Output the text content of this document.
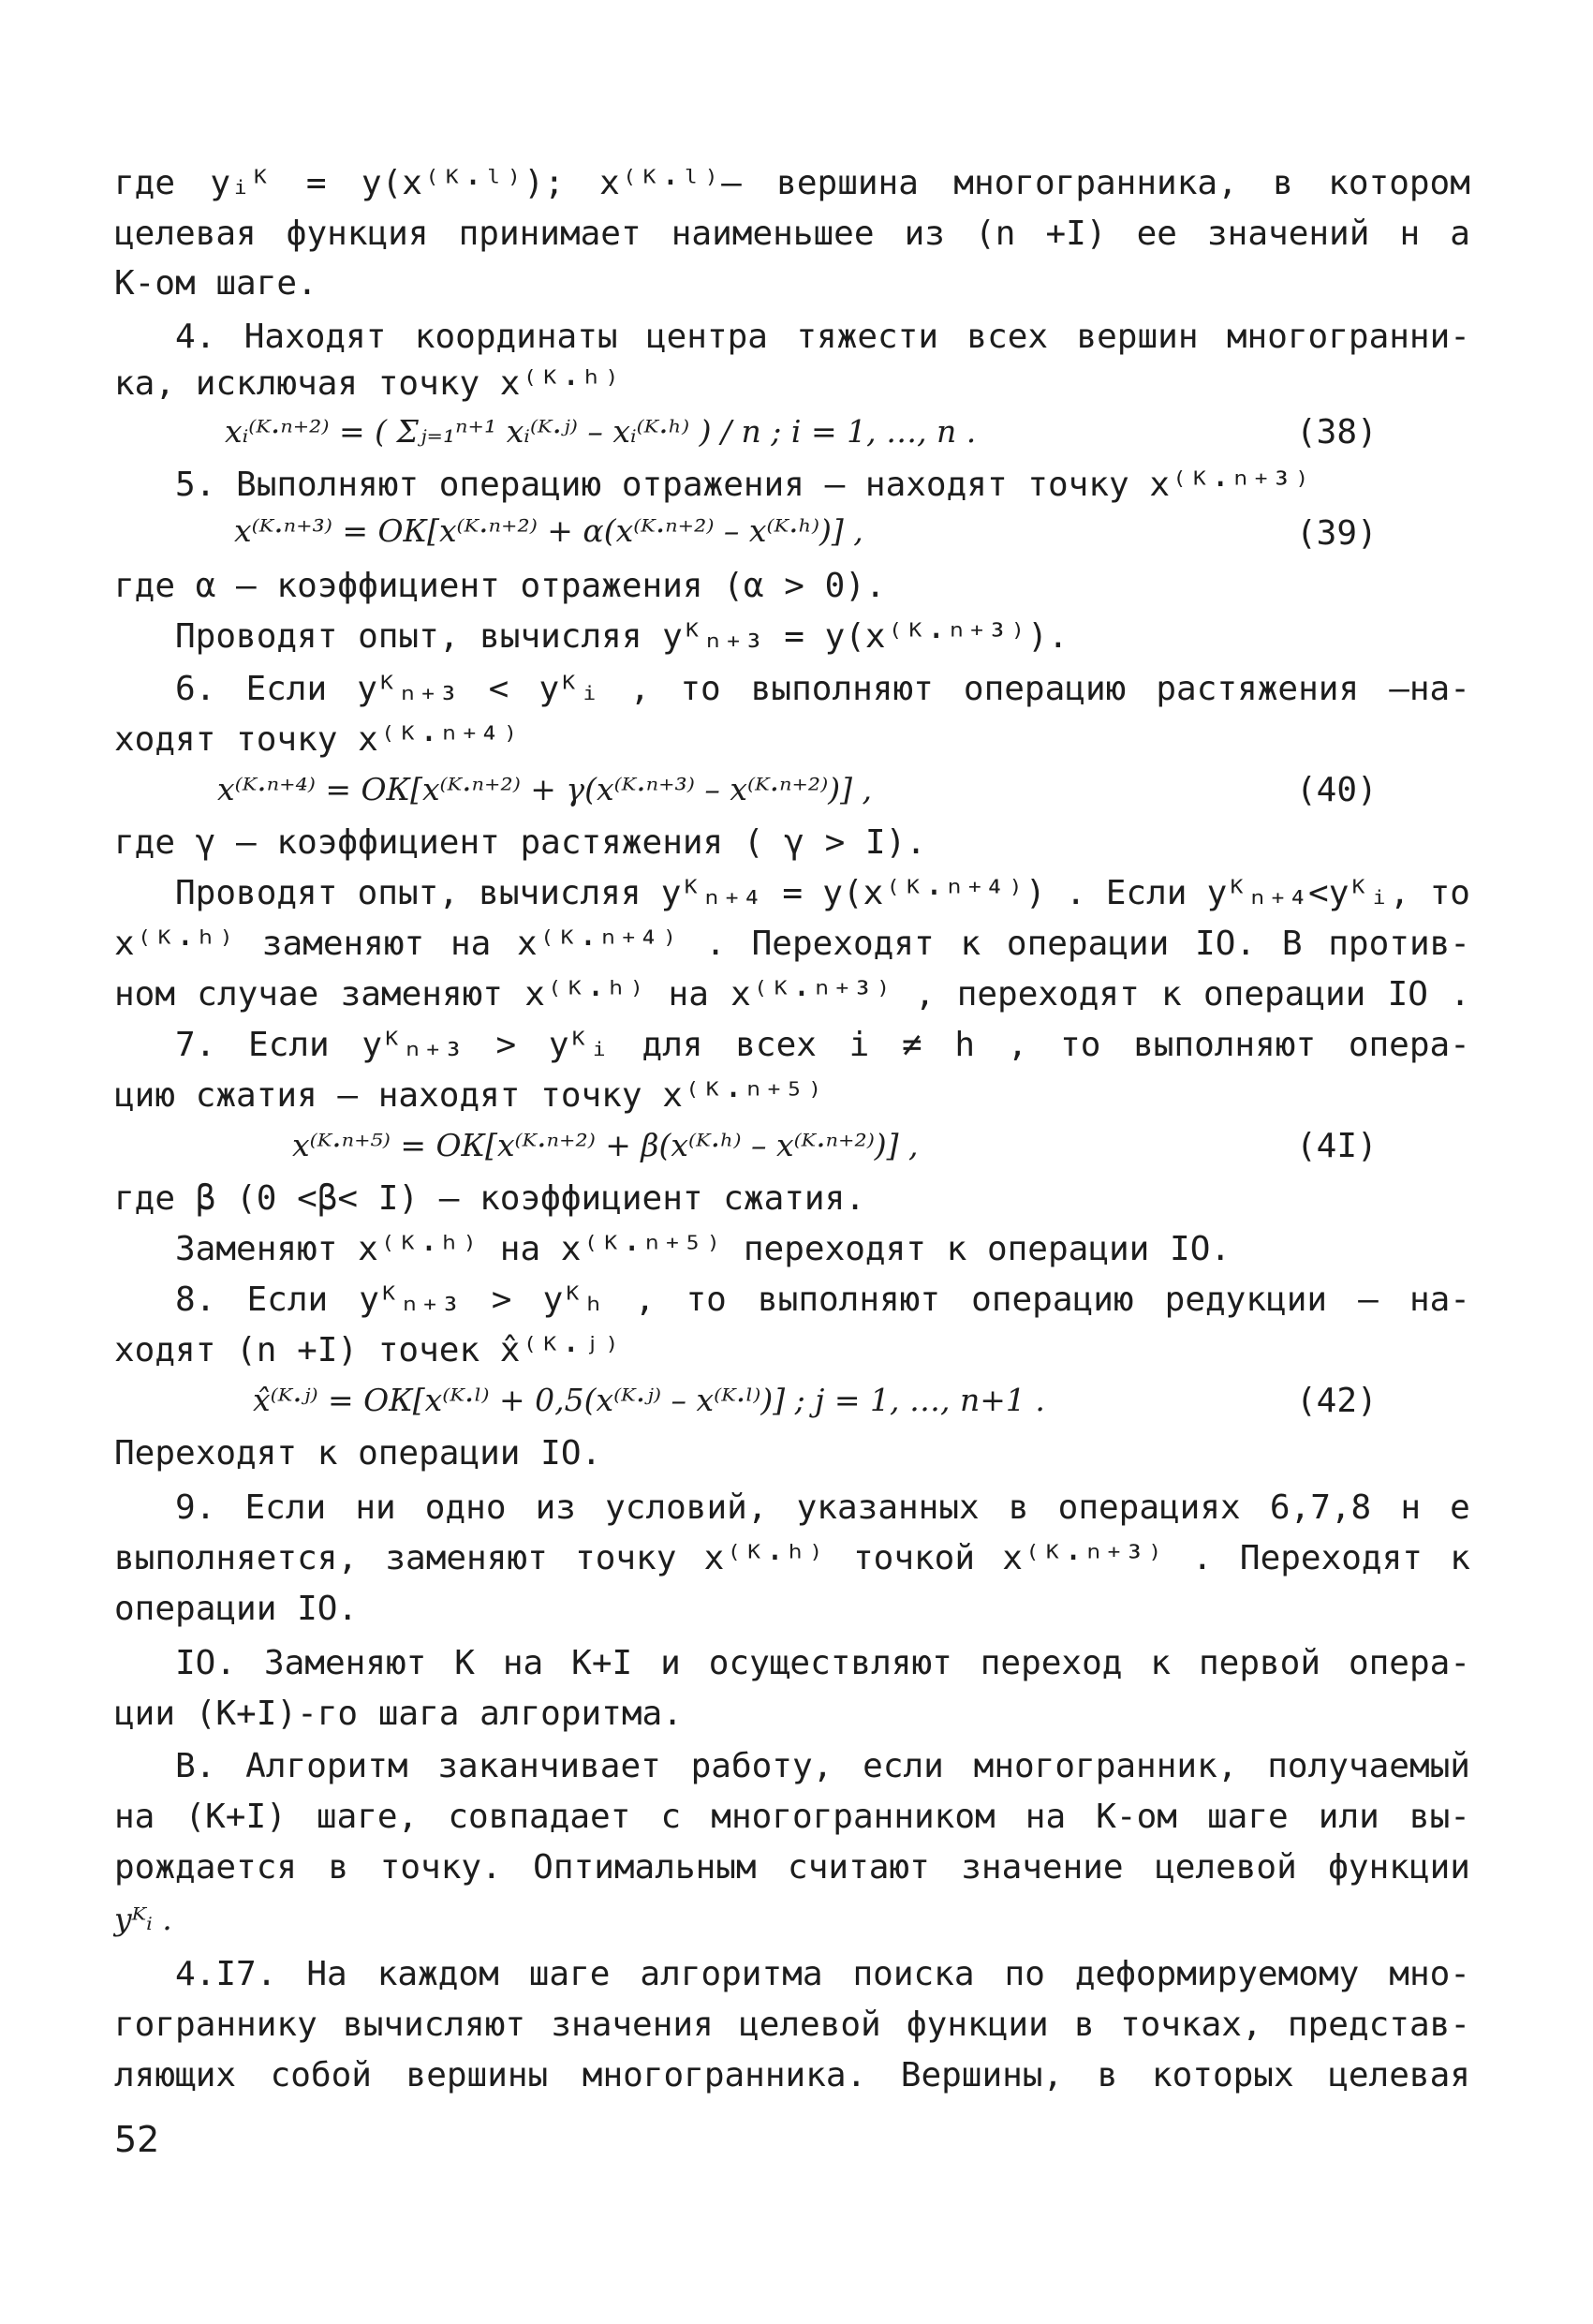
где yᵢᴷ = y(x⁽ᴷ·ˡ⁾); x⁽ᴷ·ˡ⁾– вершина многогранника, в котором
целевая функция принимает наименьшее из (n +I) ее значений н а
К-ом шаге.
4. Находят координаты центра тяжести всех вершин многогранни-
ка, исключая точку x⁽ᴷ·ʰ⁾
xᵢ⁽ᴷ·ⁿ⁺²⁾ = ( Σⱼ₌₁ⁿ⁺¹ xᵢ⁽ᴷ·ʲ⁾ – xᵢ⁽ᴷ·ʰ⁾ ) / n ; i = 1, …, n .	(38)
5. Выполняют операцию отражения – находят точку x⁽ᴷ·ⁿ⁺³⁾
x⁽ᴷ·ⁿ⁺³⁾ = ОК[x⁽ᴷ·ⁿ⁺²⁾ + α(x⁽ᴷ·ⁿ⁺²⁾ – x⁽ᴷ·ʰ⁾)] ,	(39)
где α – коэффициент отражения (α > 0).
Проводят опыт, вычисляя yᴷₙ₊₃ = y(x⁽ᴷ·ⁿ⁺³⁾).
6. Если yᴷₙ₊₃ < yᴷᵢ , то выполняют операцию растяжения –на-
ходят точку x⁽ᴷ·ⁿ⁺⁴⁾
x⁽ᴷ·ⁿ⁺⁴⁾ = ОК[x⁽ᴷ·ⁿ⁺²⁾ + γ(x⁽ᴷ·ⁿ⁺³⁾ – x⁽ᴷ·ⁿ⁺²⁾)] ,	(40)
где γ – коэффициент растяжения ( γ > I).
Проводят опыт, вычисляя yᴷₙ₊₄ = y(x⁽ᴷ·ⁿ⁺⁴⁾) . Если yᴷₙ₊₄<yᴷᵢ, то
x⁽ᴷ·ʰ⁾ заменяют на x⁽ᴷ·ⁿ⁺⁴⁾ . Переходят к операции IO. В против-
ном случае заменяют x⁽ᴷ·ʰ⁾ на x⁽ᴷ·ⁿ⁺³⁾ , переходят к операции IO .
7. Если yᴷₙ₊₃ > yᴷᵢ для всех i ≠ h , то выполняют опера-
цию сжатия – находят точку x⁽ᴷ·ⁿ⁺⁵⁾
x⁽ᴷ·ⁿ⁺⁵⁾ = ОК[x⁽ᴷ·ⁿ⁺²⁾ + β(x⁽ᴷ·ʰ⁾ – x⁽ᴷ·ⁿ⁺²⁾)] ,	(4I)
где β (0 <β< I) – коэффициент сжатия.
Заменяют x⁽ᴷ·ʰ⁾ на x⁽ᴷ·ⁿ⁺⁵⁾ переходят к операции IO.
8. Если yᴷₙ₊₃ > yᴷₕ , то выполняют операцию редукции – на-
ходят (n +I) точек x̂⁽ᴷ·ʲ⁾
x̂⁽ᴷ·ʲ⁾ = ОК[x⁽ᴷ·ˡ⁾ + 0,5(x⁽ᴷ·ʲ⁾ – x⁽ᴷ·ˡ⁾)] ; j = 1, …, n+1 .	(42)
Переходят к операции IO.
9. Если ни одно из условий, указанных в операциях 6,7,8 н е
выполняется, заменяют точку x⁽ᴷ·ʰ⁾ точкой x⁽ᴷ·ⁿ⁺³⁾ . Переходят к
операции IO.
IO. Заменяют К на К+I и осуществляют переход к первой опера-
ции (К+I)-го шага алгоритма.
В. Алгоритм заканчивает работу, если многогранник, получаемый
на (К+I) шаге, совпадает с многогранником на К-ом шаге или вы-
рождается в точку. Оптимальным считают значение целевой функции
yᴷᵢ .
4.I7. На каждом шаге алгоритма поиска по деформируемому мно-
гограннику вычисляют значения целевой функции в точках, представ-
ляющих собой вершины многогранника. Вершины, в которых целевая
52
